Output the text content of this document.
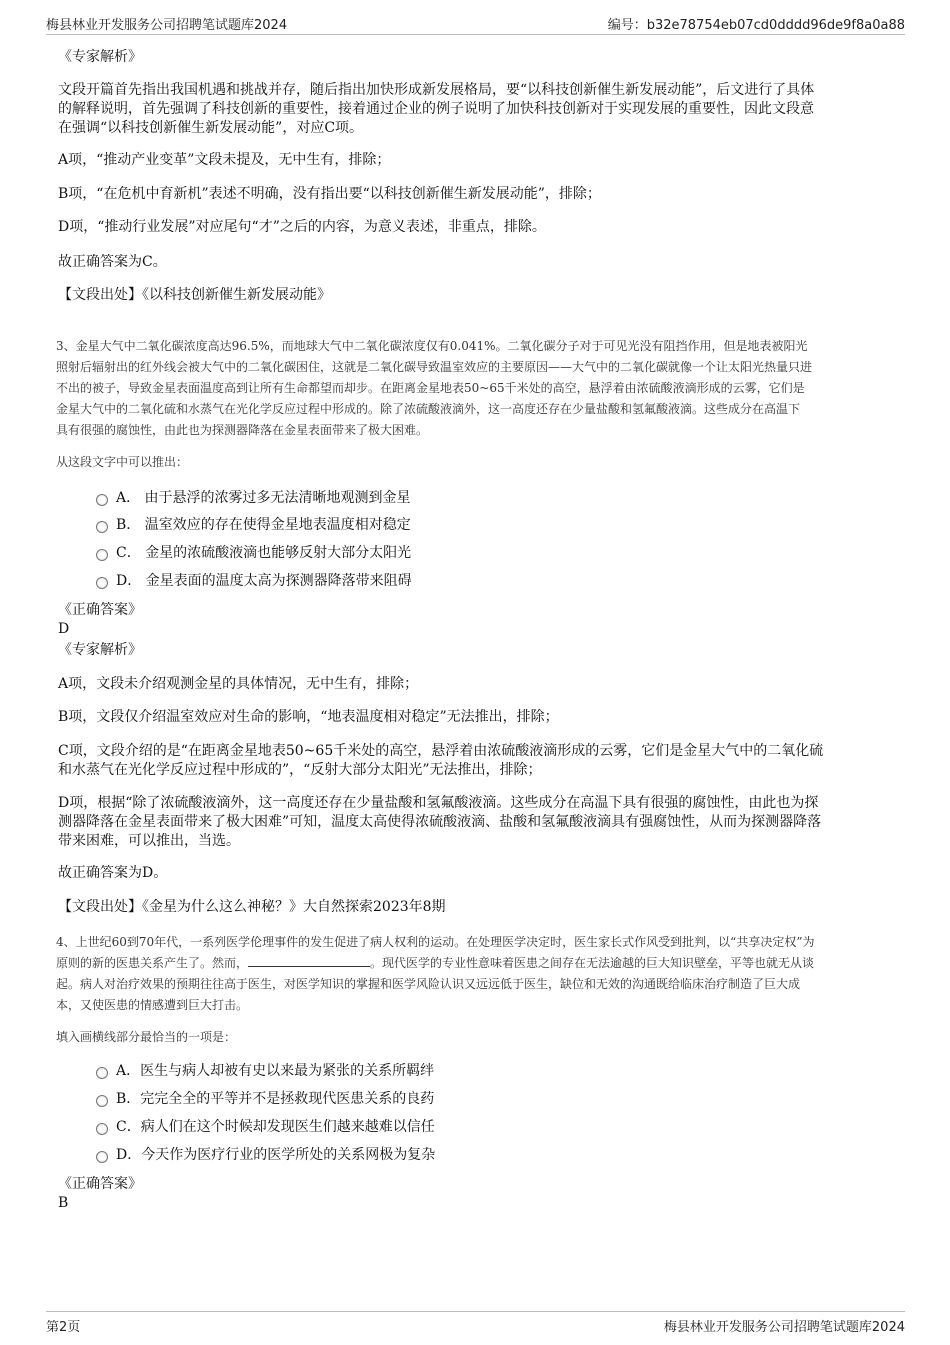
梅县林业开发服务公司招聘笔试题库2024	编号：b32e78754eb07cd0dddd96de9f8a0a88
《专家解析》
文段开篇首先指出我国机遇和挑战并存，随后指出加快形成新发展格局，要“以科技创新催生新发展动能”，后文进行了具体
的解释说明，首先强调了科技创新的重要性，接着通过企业的例子说明了加快科技创新对于实现发展的重要性，因此文段意
在强调“以科技创新催生新发展动能”，对应C项。
A项，“推动产业变革”文段未提及，无中生有，排除；
B项，“在危机中育新机”表述不明确，没有指出要“以科技创新催生新发展动能”，排除；
D项，“推动行业发展”对应尾句“才”之后的内容，为意义表述，非重点，排除。
故正确答案为C。
【文段出处】《以科技创新催生新发展动能》
3、金星大气中二氧化碳浓度高达96.5%，而地球大气中二氧化碳浓度仅有0.041%。二氧化碳分子对于可见光没有阻挡作用，但是地表被阳光
照射后辐射出的红外线会被大气中的二氧化碳困住，这就是二氧化碳导致温室效应的主要原因——大气中的二氧化碳就像一个让太阳光热量只进
不出的被子，导致金星表面温度高到让所有生命都望而却步。在距离金星地表50~65千米处的高空，悬浮着由浓硫酸液滴形成的云雾，它们是
金星大气中的二氧化硫和水蒸气在光化学反应过程中形成的。除了浓硫酸液滴外，这一高度还存在少量盐酸和氢氟酸液滴。这些成分在高温下
具有很强的腐蚀性，由此也为探测器降落在金星表面带来了极大困难。
从这段文字中可以推出：
A． 由于悬浮的浓雾过多无法清晰地观测到金星
B． 温室效应的存在使得金星地表温度相对稳定
C． 金星的浓硫酸液滴也能够反射大部分太阳光
D． 金星表面的温度太高为探测器降落带来阻碍
《正确答案》
D
《专家解析》
A项，文段未介绍观测金星的具体情况，无中生有，排除；
B项，文段仅介绍温室效应对生命的影响，“地表温度相对稳定”无法推出，排除；
C项，文段介绍的是“在距离金星地表50~65千米处的高空，悬浮着由浓硫酸液滴形成的云雾，它们是金星大气中的二氧化硫
和水蒸气在光化学反应过程中形成的”，“反射大部分太阳光”无法推出，排除；
D项，根据“除了浓硫酸液滴外，这一高度还存在少量盐酸和氢氟酸液滴。这些成分在高温下具有很强的腐蚀性，由此也为探
测器降落在金星表面带来了极大困难”可知，温度太高使得浓硫酸液滴、盐酸和氢氟酸液滴具有强腐蚀性，从而为探测器降落
带来困难，可以推出，当选。
故正确答案为D。
【文段出处】《金星为什么这么神秘？》大自然探索2023年8期
4、上世纪60到70年代，一系列医学伦理事件的发生促进了病人权利的运动。在处理医学决定时，医生家长式作风受到批判，以“共享决定权”为
原则的新的医患关系产生了。然而，	。现代医学的专业性意味着医患之间存在无法逾越的巨大知识壁垒，平等也就无从谈
起。病人对治疗效果的预期往往高于医生，对医学知识的掌握和医学风险认识又远远低于医生，缺位和无效的沟通既给临床治疗制造了巨大成
本，又使医患的情感遭到巨大打击。
填入画横线部分最恰当的一项是：
A．医生与病人却被有史以来最为紧张的关系所羁绊
B．完完全全的平等并不是拯救现代医患关系的良药
C．病人们在这个时候却发现医生们越来越难以信任
D．今天作为医疗行业的医学所处的关系网极为复杂
《正确答案》
B
第2页	梅县林业开发服务公司招聘笔试题库2024
